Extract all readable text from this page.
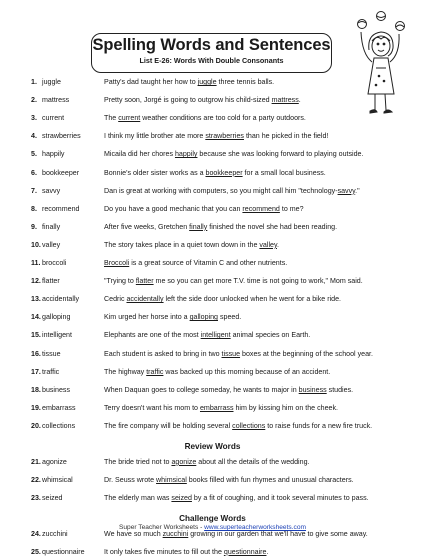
Spelling Words and Sentences
List E-26: Words With Double Consonants
1. juggle	Patty's dad taught her how to juggle three tennis balls.
2. mattress	Pretty soon, Jorgé is going to outgrow his child-sized mattress.
3. current	The current weather conditions are too cold for a party outdoors.
4. strawberries	I think my little brother ate more strawberries than he picked in the field!
5. happily	Micaila did her chores happily because she was looking forward to playing outside.
6. bookkeeper	Bonnie's older sister works as a bookkeeper for a small local business.
7. savvy	Dan is great at working with computers, so you might call him "technology-savvy."
8. recommend	Do you have a good mechanic that you can recommend to me?
9. finally	After five weeks, Gretchen finally finished the novel she had been reading.
10. valley	The story takes place in a quiet town down in the valley.
11. broccoli	Broccoli is a great source of Vitamin C and other nutrients.
12. flatter	"Trying to flatter me so you can get more T.V. time is not going to work," Mom said.
13. accidentally	Cedric accidentally left the side door unlocked when he went for a bike ride.
14. galloping	Kim urged her horse into a galloping speed.
15. intelligent	Elephants are one of the most intelligent animal species on Earth.
16. tissue	Each student is asked to bring in two tissue boxes at the beginning of the school year.
17. traffic	The highway traffic was backed up this morning because of an accident.
18. business	When Daquan goes to college someday, he wants to major in business studies.
19. embarrass	Terry doesn't want his mom to embarrass him by kissing him on the cheek.
20. collections	The fire company will be holding several collections to raise funds for a new fire truck.
21. agonize	The bride tried not to agonize about all the details of the wedding.
22. whimsical	Dr. Seuss wrote whimsical books filled with fun rhymes and unusual characters.
23. seized	The elderly man was seized by a fit of coughing, and it took several minutes to pass.
24. zucchini	We have so much zucchini growing in our garden that we'll have to give some away.
25. questionnaire	It only takes five minutes to fill out the questionnaire.
Review Words
Challenge Words
Super Teacher Worksheets - www.superteacherworksheets.com
